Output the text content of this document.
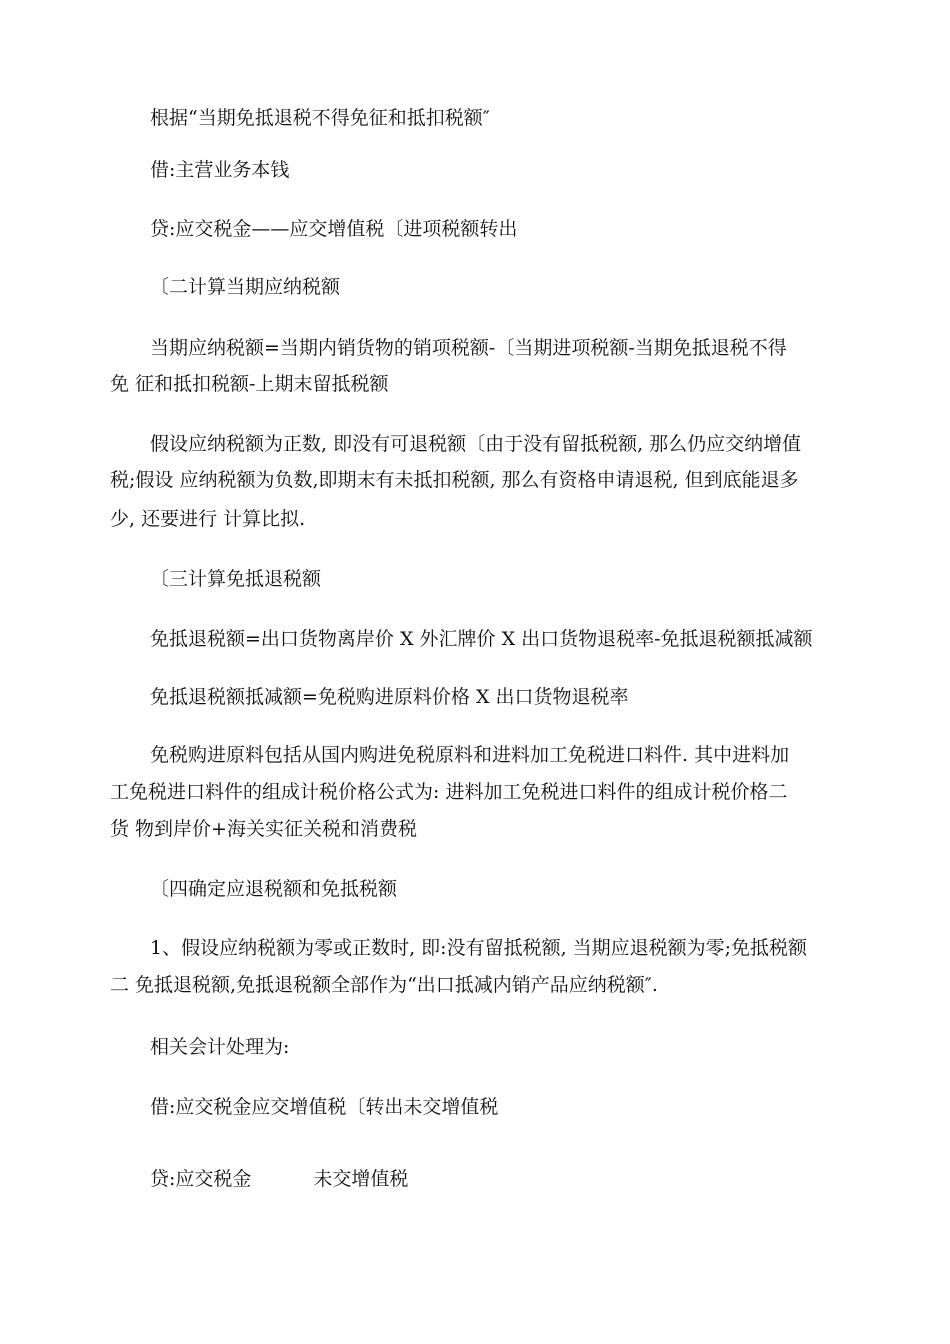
根据“当期免抵退税不得免征和抵扣税额″

借:主营业务本钱

贷:应交税金——应交增值税〔进项税额转出

〔二计算当期应纳税额

当期应纳税额=当期内销货物的销项税额-〔当期进项税额-当期免抵退税不得

免 征和抵扣税额-上期末留抵税额

假设应纳税额为正数, 即没有可退税额〔由于没有留抵税额, 那么仍应交纳增值

税;假设 应纳税额为负数,即期末有未抵扣税额, 那么有资格申请退税, 但到底能退多

少, 还要进行 计算比拟.

〔三计算免抵退税额

免抵退税额=出口货物离岸价 X 外汇牌价 X 出口货物退税率-免抵退税额抵减额

免抵退税额抵减额=免税购进原料价格 X 出口货物退税率

免税购进原料包括从国内购进免税原料和进料加工免税进口料件. 其中进料加

工免税进口料件的组成计税价格公式为: 进料加工免税进口料件的组成计税价格二

货 物到岸价+海关实征关税和消费税

〔四确定应退税额和免抵税额

1、假设应纳税额为零或正数时, 即:没有留抵税额, 当期应退税额为零;免抵税额

二 免抵退税额,免抵退税额全部作为“出口抵减内销产品应纳税额″.

相关会计处理为:

借:应交税金应交增值税〔转出未交增值税

贷:应交税金	未交增值税
